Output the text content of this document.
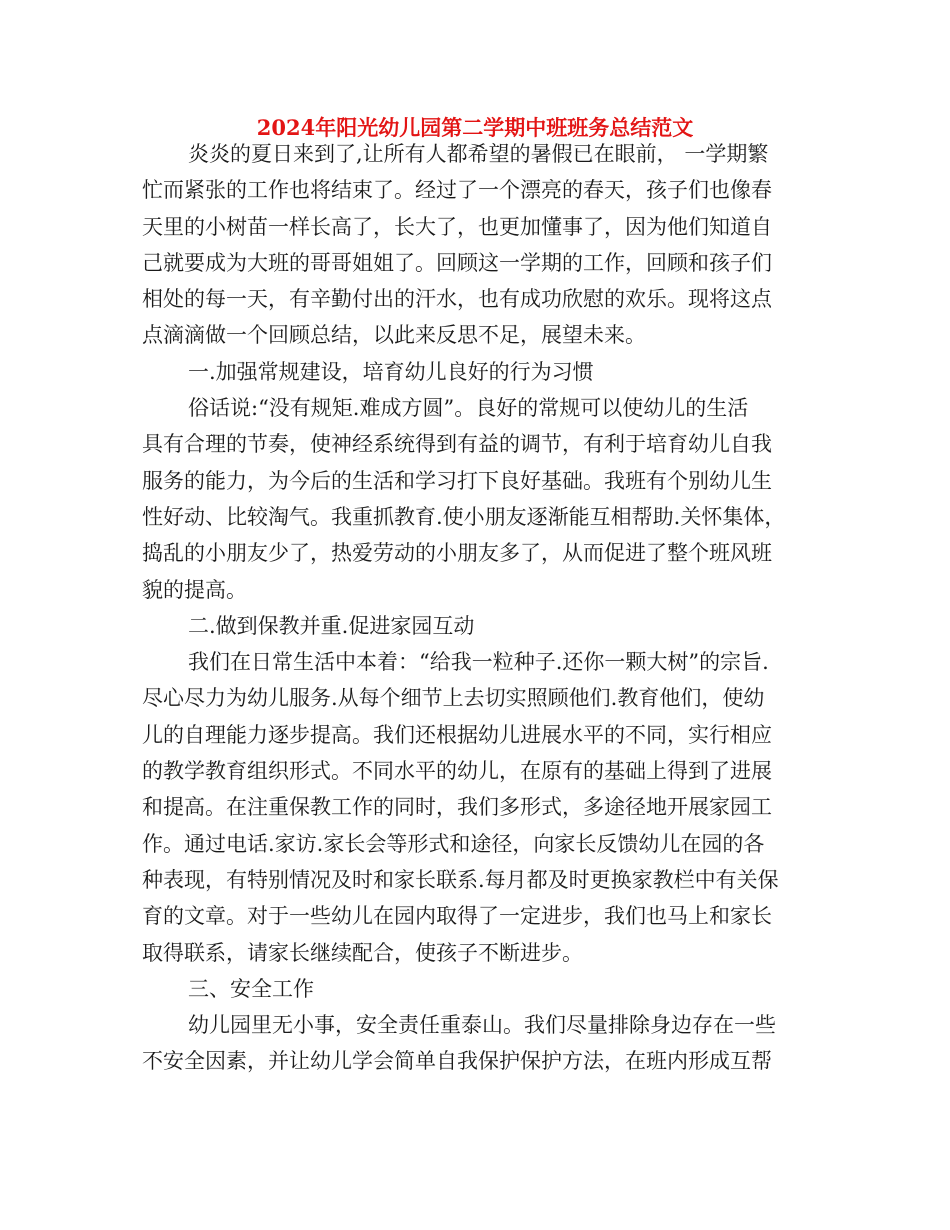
2024年阳光幼儿园第二学期中班班务总结范文
炎炎的夏日来到了,让所有人都希望的暑假已在眼前， 一学期繁
忙而紧张的工作也将结束了。经过了一个漂亮的春天，孩子们也像春
天里的小树苗一样长高了，长大了，也更加懂事了，因为他们知道自
己就要成为大班的哥哥姐姐了。回顾这一学期的工作，回顾和孩子们
相处的每一天，有辛勤付出的汗水，也有成功欣慰的欢乐。现将这点
点滴滴做一个回顾总结，以此来反思不足，展望未来。
一.加强常规建设，培育幼儿良好的行为习惯
俗话说:“没有规矩.难成方圆”。良好的常规可以使幼儿的生活
具有合理的节奏，使神经系统得到有益的调节，有利于培育幼儿自我
服务的能力，为今后的生活和学习打下良好基础。我班有个别幼儿生
性好动、比较淘气。我重抓教育.使小朋友逐渐能互相帮助.关怀集体，
捣乱的小朋友少了，热爱劳动的小朋友多了，从而促进了整个班风班
貌的提高。
二.做到保教并重.促进家园互动
我们在日常生活中本着：“给我一粒种子.还你一颗大树”的宗旨.
尽心尽力为幼儿服务.从每个细节上去切实照顾他们.教育他们，使幼
儿的自理能力逐步提高。我们还根据幼儿进展水平的不同，实行相应
的教学教育组织形式。不同水平的幼儿，在原有的基础上得到了进展
和提高。在注重保教工作的同时，我们多形式，多途径地开展家园工
作。通过电话.家访.家长会等形式和途径，向家长反馈幼儿在园的各
种表现，有特别情况及时和家长联系.每月都及时更换家教栏中有关保
育的文章。对于一些幼儿在园内取得了一定进步，我们也马上和家长
取得联系，请家长继续配合，使孩子不断进步。
三、安全工作
幼儿园里无小事，安全责任重泰山。我们尽量排除身边存在一些
不安全因素，并让幼儿学会简单自我保护保护方法，在班内形成互帮
